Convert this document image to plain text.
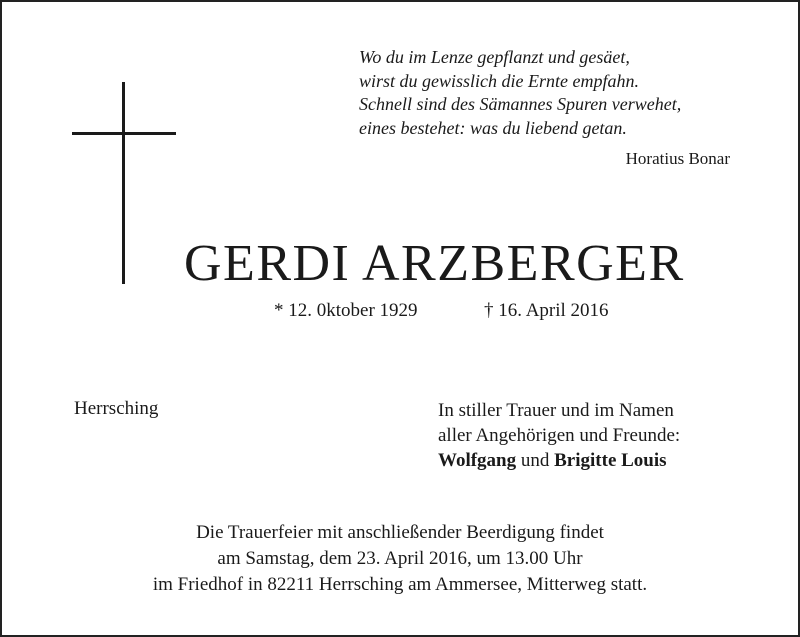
Wo du im Lenze gepflanzt und gesäet,
wirst du gewisslich die Ernte empfahn.
Schnell sind des Sämannes Spuren verwehet,
eines bestehet: was du liebend getan.
Horatius Bonar
GERDI ARZBERGER
* 12. 0ktober 1929	† 16. April 2016
Herrsching	In stiller Trauer und im Namen
aller Angehörigen und Freunde:
Wolfgang und Brigitte Louis
Die Trauerfeier mit anschließender Beerdigung findet
am Samstag, dem 23. April 2016, um 13.00 Uhr
im Friedhof in 82211 Herrsching am Ammersee, Mitterweg statt.
